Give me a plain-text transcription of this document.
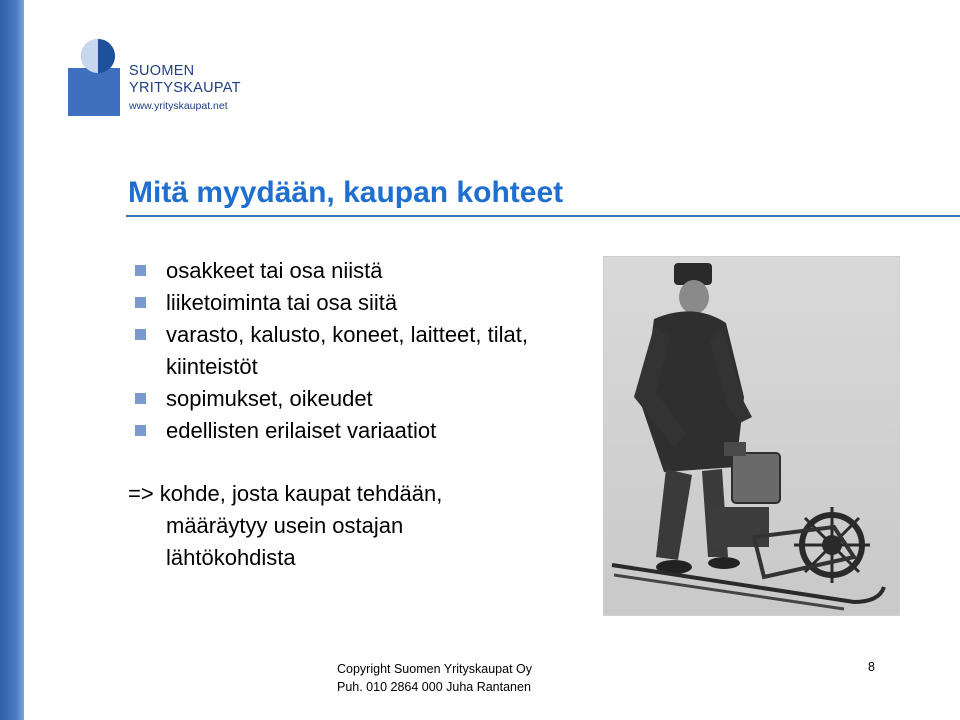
SUOMEN
YRITYSKAUPAT
www.yrityskaupat.net
Mitä myydään, kaupan kohteet
osakkeet tai osa niistä
liiketoiminta tai osa siitä
varasto, kalusto, koneet, laitteet, tilat, kiinteistöt
sopimukset, oikeudet
edellisten erilaiset variaatiot
=> kohde, josta kaupat tehdään,
määräytyy usein ostajan
lähtökohdista
Copyright Suomen Yrityskaupat Oy
Puh. 010 2864 000 Juha Rantanen
8
